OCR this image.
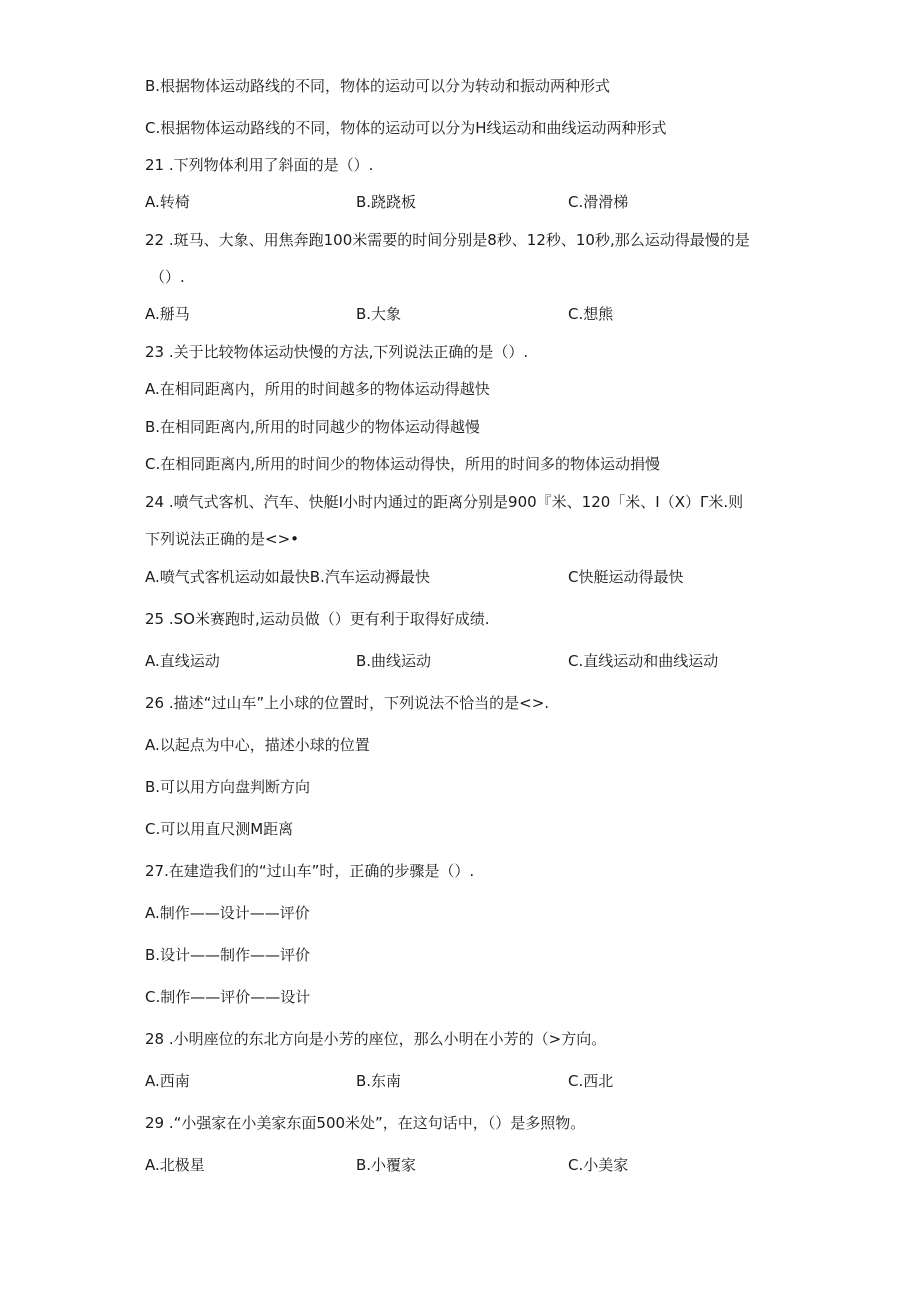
B.根据物体运动路线的不同，物体的运动可以分为转动和振动两种形式
C.根据物体运动路线的不同，物体的运动可以分为H线运动和曲线运动两种形式
21 .下列物体利用了斜面的是（）.
A.转椅	B.跷跷板	C.滑滑梯
22 .斑马、大象、用焦奔跑100米需要的时间分别是8秒、12秒、10秒,那么运动得最慢的是
（）.
A.掰马	B.大象	C.想熊
23 .关于比较物体运动快慢的方法,下列说法正确的是（）.
A.在相同距离内，所用的时间越多的物体运动得越快
B.在相同距离内,所用的时同越少的物体运动得越慢
C.在相同距离内,所用的时间少的物体运动得快，所用的时间多的物体运动捐慢
24 .喷气式客机、汽车、快艇I小时内通过的距离分别是900『米、120「米、I（X）Γ米.则
下列说法正确的是<>•
A.喷气式客机运动如最快B.汽车运动褥最快	C快艇运动得最快
25 .SO米赛跑时,运动员做（）更有利于取得好成绩.
A.直线运动	B.曲线运动	C.直线运动和曲线运动
26 .描述“过山车”上小球的位置时，下列说法不恰当的是<>.
A.以起点为中心，描述小球的位置
B.可以用方向盘判断方向
C.可以用直尺测M距离
27.在建造我们的“过山车”时，正确的步骤是（）.
A.制作——设计——评价
B.设计——制作——评价
C.制作——评价——设计
28 .小明座位的东北方向是小芳的座位，那么小明在小芳的（>方向。
A.西南	B.东南	C.西北
29 .“小强家在小美家东面500米处”，在这句话中，（）是多照物。
A.北极星	B.小覆家	C.小美家
